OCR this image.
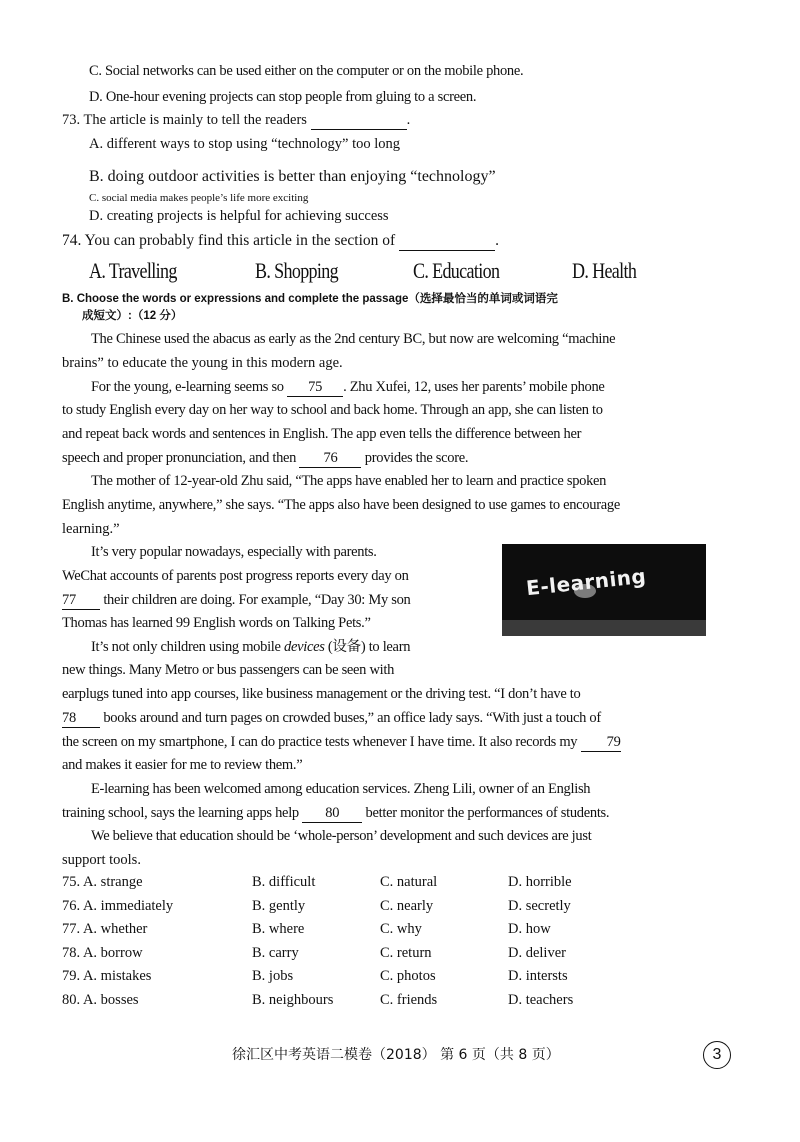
C. Social networks can be used either on the computer or on the mobile phone.
D. One-hour evening projects can stop people from gluing to a screen.
73. The article is mainly to tell the readers	.
A. different ways to stop using “technology” too long
B. doing outdoor activities is better than enjoying “technology”
C. social media makes people’s life more exciting
D. creating projects is helpful for achieving success
74. You can probably find this article in the section of	.
A. Travelling	B. Shopping	C. Education	D. Health
B. Choose the words or expressions and complete the passage（选择最恰当的单词或词语完
成短文）:（12 分）
The Chinese used the abacus as early as the 2nd century BC, but now are welcoming “machine
brains” to educate the young in this modern age.
For the young, e-learning seems so 75 . Zhu Xufei, 12, uses her parents’ mobile phone
to study English every day on her way to school and back home. Through an app, she can listen to
and repeat back words and sentences in English. The app even tells the difference between her
speech and proper pronunciation, and then 76 provides the score.
The mother of 12-year-old Zhu said, “The apps have enabled her to learn and practice spoken
English anytime, anywhere,” she says. “The apps also have been designed to use games to encourage
learning.”
It’s very popular nowadays, especially with parents.
WeChat accounts of parents post progress reports every day on
77 their children are doing. For example, “Day 30: My son
Thomas has learned 99 English words on Talking Pets.”
It’s not only children using mobile devices (设备) to learn
new things. Many Metro or bus passengers can be seen with
earplugs tuned into app courses, like business management or the driving test. “I don’t have to
78 books around and turn pages on crowded buses,” an office lady says. “With just a touch of
the screen on my smartphone, I can do practice tests whenever I have time. It also records my 79
and makes it easier for me to review them.”
E-learning has been welcomed among education services. Zheng Lili, owner of an English
training school, says the learning apps help 80 better monitor the performances of students.
We believe that education should be ‘whole-person’ development and such devices are just
support tools.
E-learning
75. A. strange	B. difficult	C. natural	D. horrible
76. A. immediately	B. gently	C. nearly	D. secretly
77. A. whether	B. where	C. why	D. how
78. A. borrow	B. carry	C. return	D. deliver
79. A. mistakes	B. jobs	C. photos	D. intersts
80. A. bosses	B. neighbours	C. friends	D. teachers
徐汇区中考英语二模卷（2018） 第 6 页（共 8 页）	3
